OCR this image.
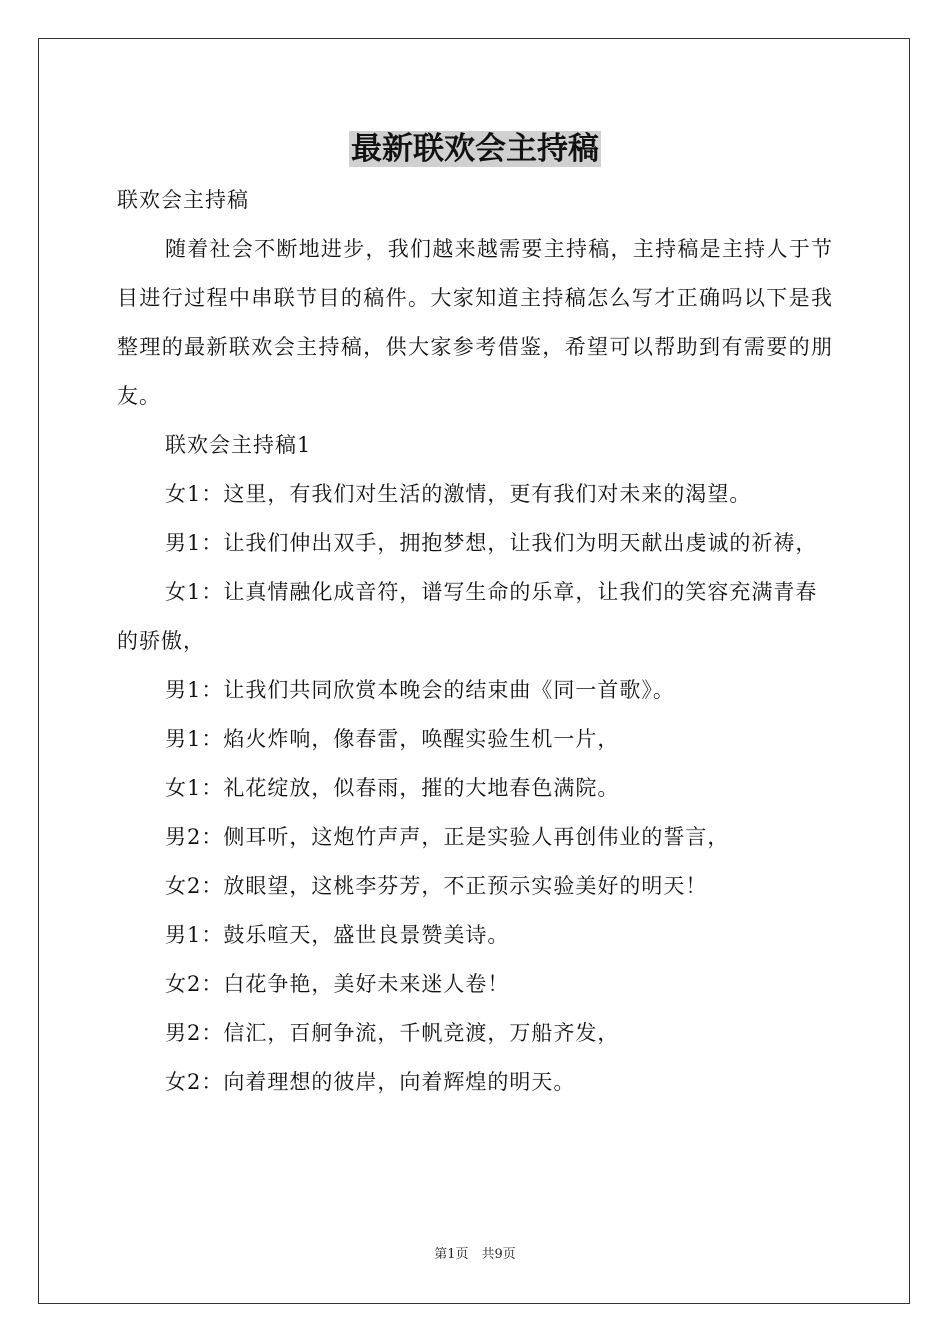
最新联欢会主持稿

联欢会主持稿

随着社会不断地进步，我们越来越需要主持稿，主持稿是主持人于节目进行过程中串联节目的稿件。大家知道主持稿怎么写才正确吗以下是我整理的最新联欢会主持稿，供大家参考借鉴，希望可以帮助到有需要的朋友。

联欢会主持稿1

女1：这里，有我们对生活的激情，更有我们对未来的渴望。

男1：让我们伸出双手，拥抱梦想，让我们为明天献出虔诚的祈祷，

女1：让真情融化成音符，谱写生命的乐章，让我们的笑容充满青春的骄傲，

男1：让我们共同欣赏本晚会的结束曲《同一首歌》。

男1：焰火炸响，像春雷，唤醒实验生机一片，

女1：礼花绽放，似春雨，摧的大地春色满院。

男2：侧耳听，这炮竹声声，正是实验人再创伟业的誓言，

女2：放眼望，这桃李芬芳，不正预示实验美好的明天！

男1：鼓乐喧天，盛世良景赞美诗。

女2：白花争艳，美好未来迷人卷！

男2：信汇，百舸争流，千帆竞渡，万船齐发，

女2：向着理想的彼岸，向着辉煌的明天。

第1页　共9页
